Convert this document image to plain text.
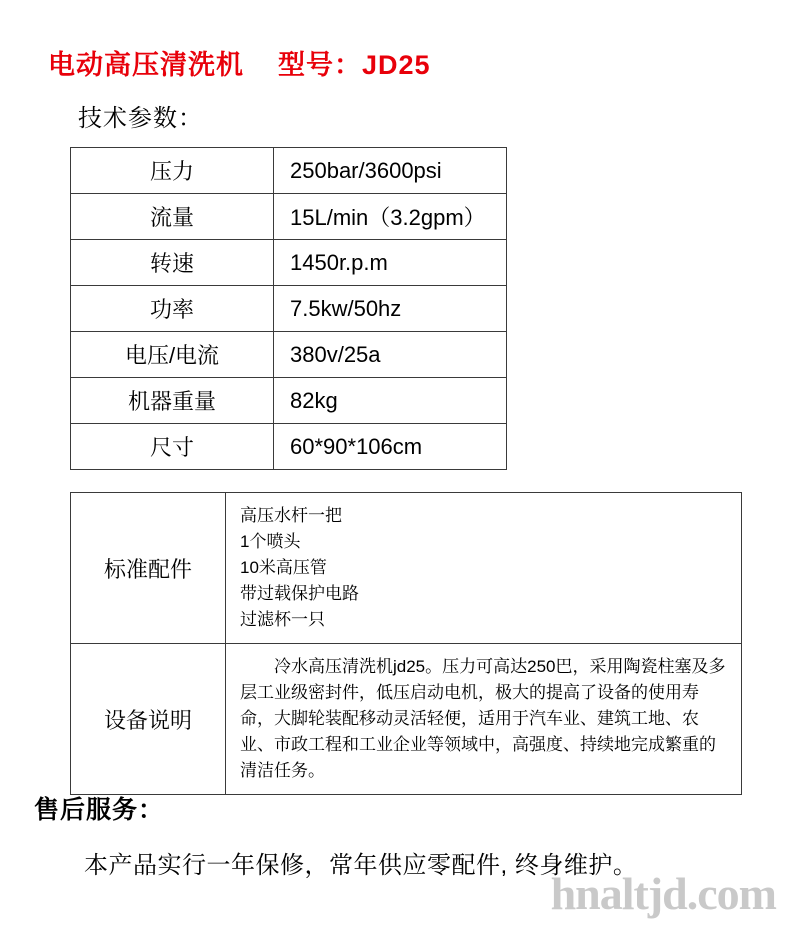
电动高压清洗机 型号：JD25
技术参数：
压力	250bar/3600psi
流量	15L/min（3.2gpm）
转速	1450r.p.m
功率	7.5kw/50hz
电压/电流	380v/25a
机器重量	82kg
尺寸	60*90*106cm
标准配件	高压水杆一把
1个喷头
10米高压管
带过载保护电路
过滤杯一只

设备说明	冷水高压清洗机jd25。压力可高达250巴，采用陶瓷柱塞及多层工业级密封件，低压启动电机，极大的提高了设备的使用寿命，大脚轮装配移动灵活轻便，适用于汽车业、建筑工地、农业、市政工程和工业企业等领域中，高强度、持续地完成繁重的清洁任务。

售后服务：
本产品实行一年保修，常年供应零配件, 终身维护。
hnaltjd.com
